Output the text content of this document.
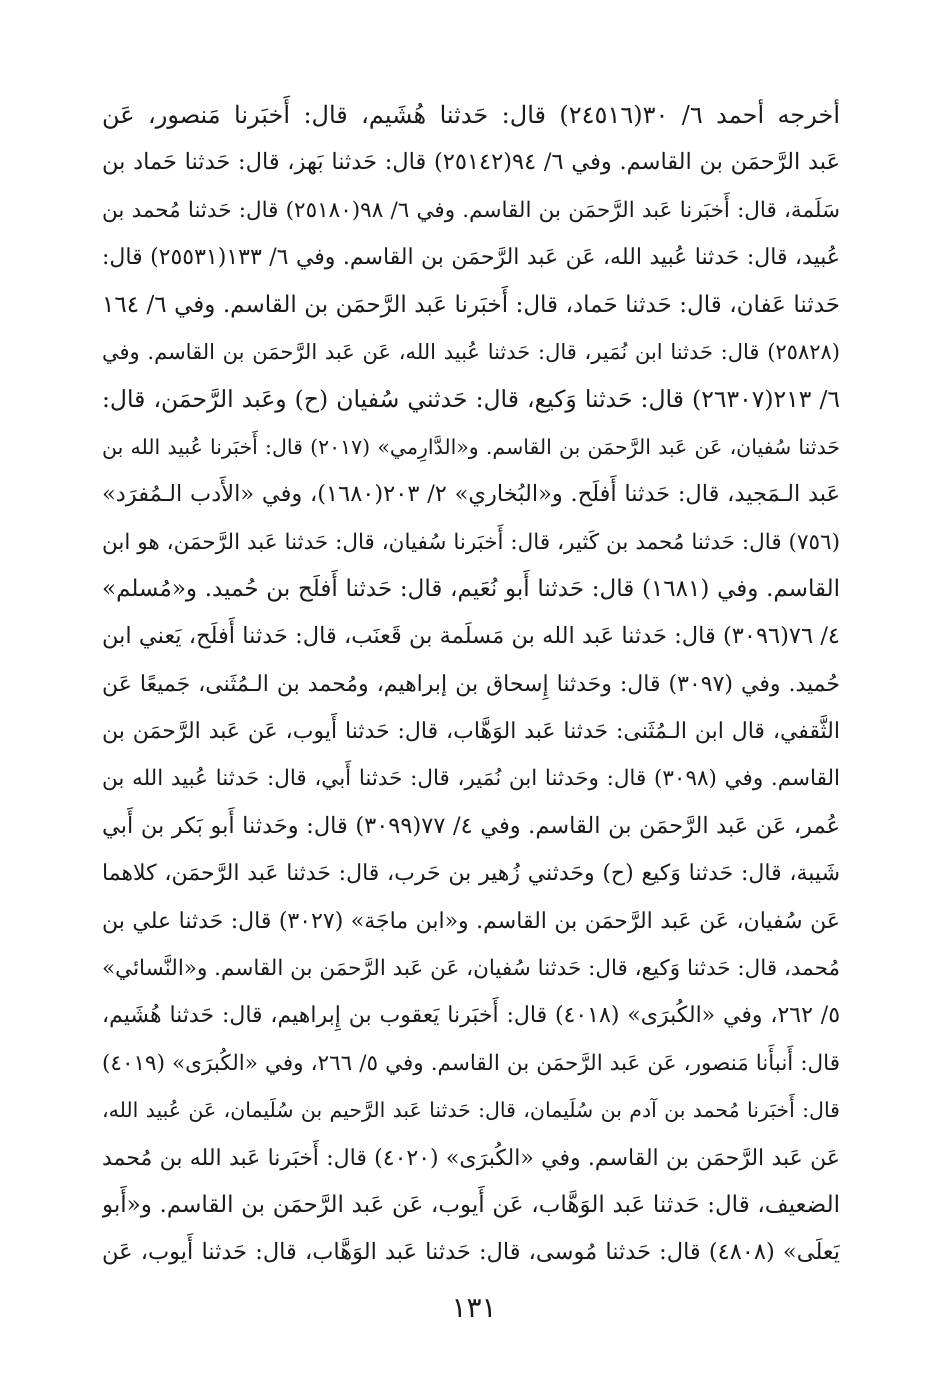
أخرجه أحمد ٦/ ٣٠(٢٤٥١٦) قال: حَدثنا هُشَيم، قال: أَخبَرنا مَنصور، عَن
عَبد الرَّحمَن بن القاسم. وفي ٦/ ٩٤(٢٥١٤٢) قال: حَدثنا بَهز، قال: حَدثنا حَماد بن
سَلَمة، قال: أَخبَرنا عَبد الرَّحمَن بن القاسم. وفي ٦/ ٩٨(٢٥١٨٠) قال: حَدثنا مُحمد بن
عُبيد، قال: حَدثنا عُبيد الله، عَن عَبد الرَّحمَن بن القاسم. وفي ٦/ ١٣٣(٢٥٥٣١) قال:
حَدثنا عَفان، قال: حَدثنا حَماد، قال: أَخبَرنا عَبد الرَّحمَن بن القاسم. وفي ٦/ ١٦٤
(٢٥٨٢٨) قال: حَدثنا ابن نُمَير، قال: حَدثنا عُبيد الله، عَن عَبد الرَّحمَن بن القاسم. وفي
٦/ ٢١٣(٢٦٣٠٧) قال: حَدثنا وَكيع، قال: حَدثني سُفيان (ح) وعَبد الرَّحمَن، قال:
حَدثنا سُفيان، عَن عَبد الرَّحمَن بن القاسم. و«الدَّارِمي» (٢٠١٧) قال: أَخبَرنا عُبيد الله بن
عَبد الـمَجيد، قال: حَدثنا أَفلَح. و«البُخاري» ٢/ ٢٠٣(١٦٨٠)، وفي «الأَدب الـمُفرَد»
(٧٥٦) قال: حَدثنا مُحمد بن كَثير، قال: أَخبَرنا سُفيان، قال: حَدثنا عَبد الرَّحمَن، هو ابن
القاسم. وفي (١٦٨١) قال: حَدثنا أَبو نُعَيم، قال: حَدثنا أَفلَح بن حُميد. و«مُسلم»
٤/ ٧٦(٣٠٩٦) قال: حَدثنا عَبد الله بن مَسلَمة بن قَعنَب، قال: حَدثنا أَفلَح، يَعني ابن
حُميد. وفي (٣٠٩٧) قال: وحَدثنا إِسحاق بن إبراهيم، ومُحمد بن الـمُثَنى، جَميعًا عَن
الثَّقفي، قال ابن الـمُثَنى: حَدثنا عَبد الوَهَّاب، قال: حَدثنا أَيوب، عَن عَبد الرَّحمَن بن
القاسم. وفي (٣٠٩٨) قال: وحَدثنا ابن نُمَير، قال: حَدثنا أَبي، قال: حَدثنا عُبيد الله بن
عُمر، عَن عَبد الرَّحمَن بن القاسم. وفي ٤/ ٧٧(٣٠٩٩) قال: وحَدثنا أَبو بَكر بن أَبي
شَيبة، قال: حَدثنا وَكيع (ح) وحَدثني زُهير بن حَرب، قال: حَدثنا عَبد الرَّحمَن، كلاهما
عَن سُفيان، عَن عَبد الرَّحمَن بن القاسم. و«ابن ماجَة» (٣٠٢٧) قال: حَدثنا علي بن
مُحمد، قال: حَدثنا وَكيع، قال: حَدثنا سُفيان، عَن عَبد الرَّحمَن بن القاسم. و«النَّسائي»
٥/ ٢٦٢، وفي «الكُبرَى» (٤٠١٨) قال: أَخبَرنا يَعقوب بن إِبراهيم، قال: حَدثنا هُشَيم،
قال: أَنبأَنا مَنصور، عَن عَبد الرَّحمَن بن القاسم. وفي ٥/ ٢٦٦، وفي «الكُبرَى» (٤٠١٩)
قال: أَخبَرنا مُحمد بن آدم بن سُلَيمان، قال: حَدثنا عَبد الرَّحيم بن سُلَيمان، عَن عُبيد الله،
عَن عَبد الرَّحمَن بن القاسم. وفي «الكُبرَى» (٤٠٢٠) قال: أَخبَرنا عَبد الله بن مُحمد
الضعيف، قال: حَدثنا عَبد الوَهَّاب، عَن أَيوب، عَن عَبد الرَّحمَن بن القاسم. و«أَبو
يَعلَى» (٤٨٠٨) قال: حَدثنا مُوسى، قال: حَدثنا عَبد الوَهَّاب، قال: حَدثنا أَيوب، عَن
١٣١
